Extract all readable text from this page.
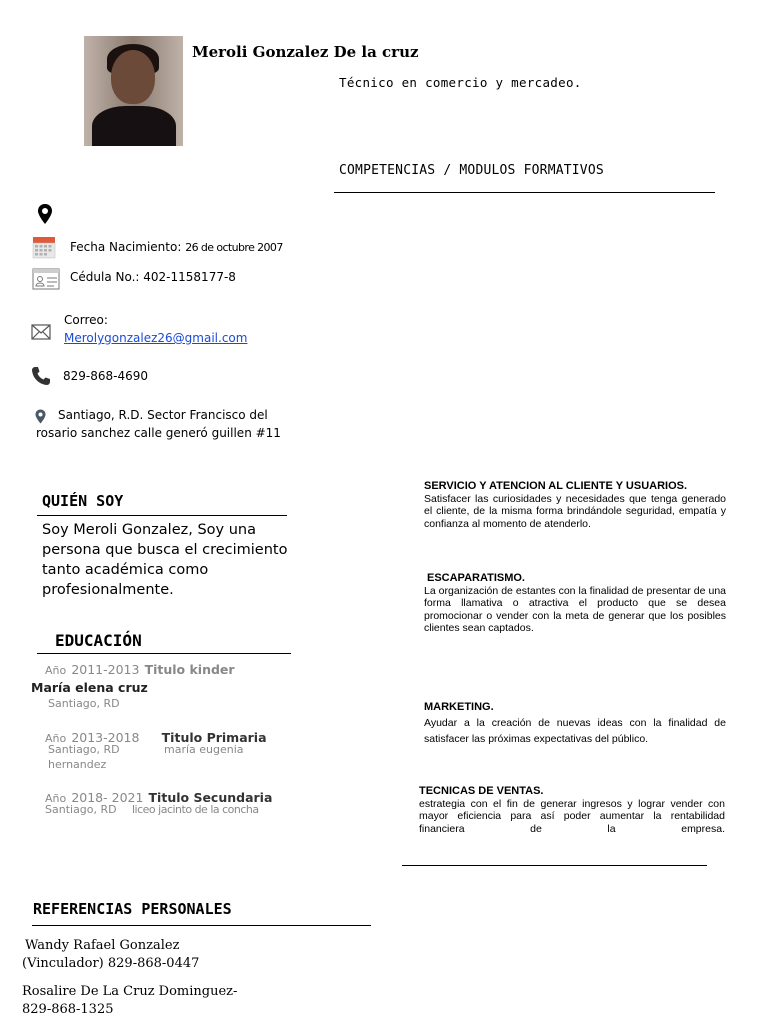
Meroli Gonzalez De la cruz
Técnico en comercio y mercadeo.
COMPETENCIAS / MODULOS FORMATIVOS
Fecha Nacimiento: 26 de octubre 2007
Cédula No.: 402-1158177-8
Correo:
Merolygonzalez26@gmail.com
829-868-4690
Santiago, R.D. Sector Francisco del
rosario sanchez calle generó guillen #11
QUIÉN SOY
Soy Meroli Gonzalez, Soy una persona que busca el crecimiento tanto académica como profesionalmente.
EDUCACIÓN
Año 2011-2013 Titulo kinder
María elena cruz
Santiago, RD
Año 2013-2018 Titulo Primaria
Santiago, RD	maría eugenia
hernandez
Año 2018- 2021 Titulo Secundaria
Santiago, RD liceo jacinto de la concha
SERVICIO Y ATENCION AL CLIENTE Y USUARIOS.
Satisfacer las curiosidades y necesidades que tenga generado el cliente, de la misma forma brindándole seguridad, empatía y confianza al momento de atenderlo.
ESCAPARATISMO.
La organización de estantes con la finalidad de presentar de una forma llamativa o atractiva el producto que se desea promocionar o vender con la meta de generar que los posibles clientes sean captados.
MARKETING.
Ayudar a la creación de nuevas ideas con la finalidad de satisfacer las próximas expectativas del público.
TECNICAS DE VENTAS.
estrategia con el fin de generar ingresos y lograr vender con mayor eficiencia para así poder aumentar la rentabilidad financiera de la empresa.
REFERENCIAS PERSONALES
Wandy Rafael Gonzalez
(Vinculador) 829-868-0447
Rosalire De La Cruz Dominguez-
829-868-1325
